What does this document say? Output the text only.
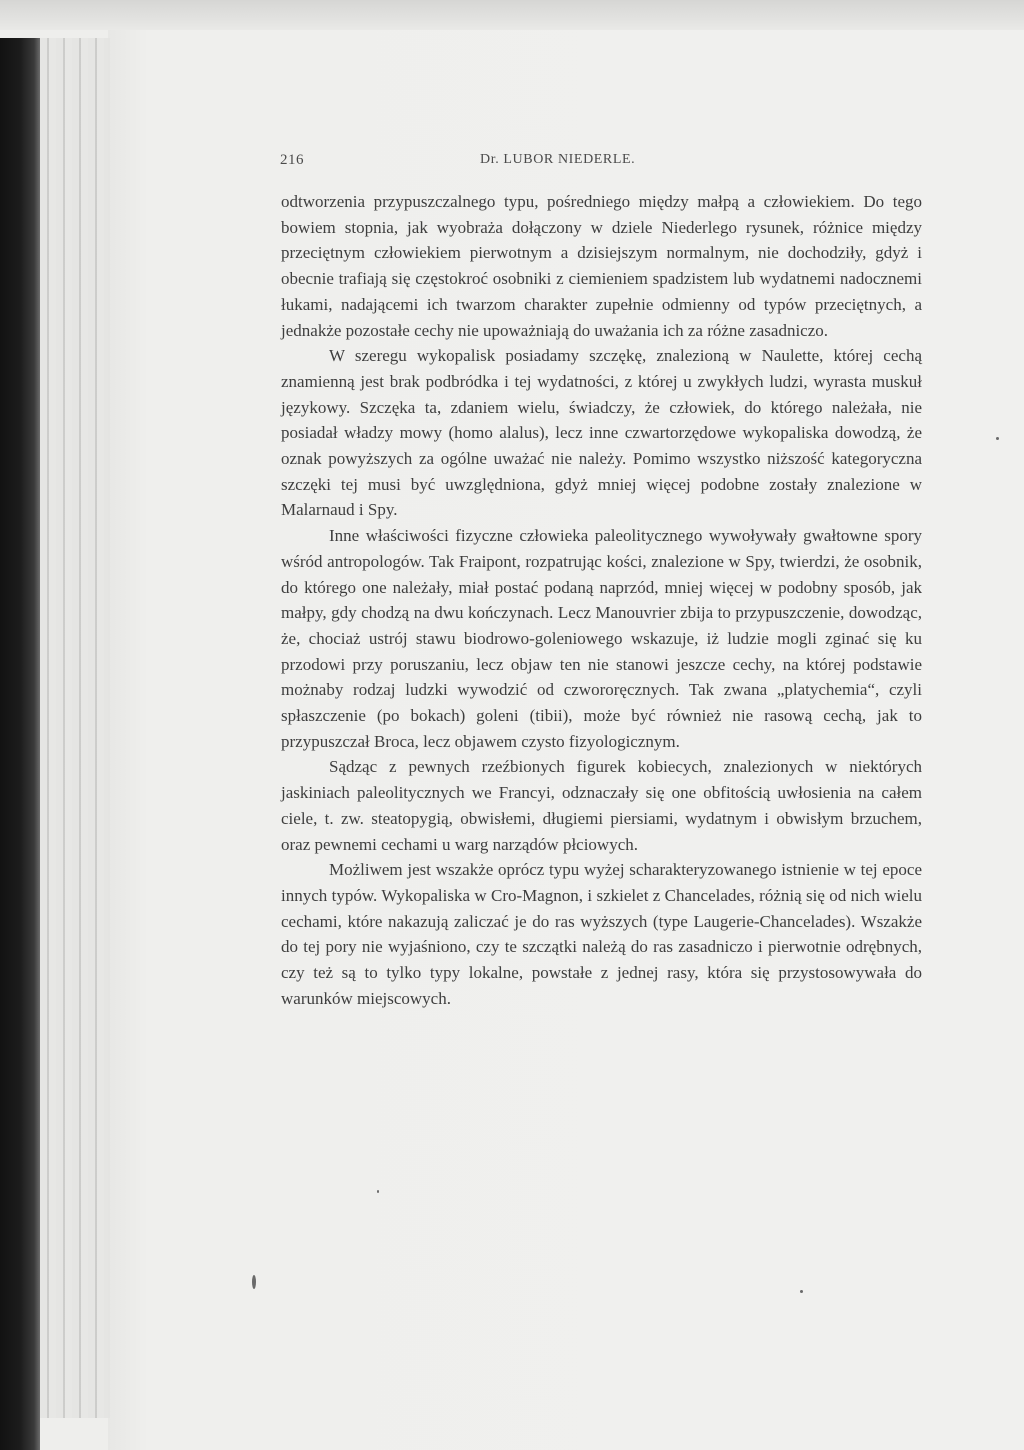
216	Dr. LUBOR NIEDERLE.

odtworzenia przypuszczalnego typu, pośredniego między małpą a człowiekiem. Do tego bowiem stopnia, jak wyobraża dołączony w dziele Niederlego rysunek, różnice między przeciętnym człowiekiem pierwotnym a dzisiejszym normalnym, nie dochodziły, gdyż i obecnie trafiają się częstokroć osobniki z ciemieniem spadzistem lub wydatnemi nadocznemi łukami, nadającemi ich twarzom charakter zupełnie odmienny od typów przeciętnych, a jednakże pozostałe cechy nie upoważniają do uważania ich za różne zasadniczo.

W szeregu wykopalisk posiadamy szczękę, znalezioną w Naulette, której cechą znamienną jest brak podbródka i tej wydatności, z której u zwykłych ludzi, wyrasta muskuł językowy. Szczęka ta, zdaniem wielu, świadczy, że człowiek, do którego należała, nie posiadał władzy mowy (homo alalus), lecz inne czwartorzędowe wykopaliska dowodzą, że oznak powyższych za ogólne uważać nie należy. Pomimo wszystko niższość kategoryczna szczęki tej musi być uwzględniona, gdyż mniej więcej podobne zostały znalezione w Malarnaud i Spy.

Inne właściwości fizyczne człowieka paleolitycznego wywoływały gwałtowne spory wśród antropologów. Tak Fraipont, rozpatrując kości, znalezione w Spy, twierdzi, że osobnik, do którego one należały, miał postać podaną naprzód, mniej więcej w podobny sposób, jak małpy, gdy chodzą na dwu kończynach. Lecz Manouvrier zbija to przypuszczenie, dowodząc, że, chociaż ustrój stawu biodrowo-goleniowego wskazuje, iż ludzie mogli zginać się ku przodowi przy poruszaniu, lecz objaw ten nie stanowi jeszcze cechy, na której podstawie możnaby rodzaj ludzki wywodzić od czwororęcznych. Tak zwana „platychemia“, czyli spłaszczenie (po bokach) goleni (tibii), może być również nie rasową cechą, jak to przypuszczał Broca, lecz objawem czysto fizyologicznym.

Sądząc z pewnych rzeźbionych figurek kobiecych, znalezionych w niektórych jaskiniach paleolitycznych we Francyi, odznaczały się one obfitością uwłosienia na całem ciele, t. zw. steatopygią, obwisłemi, długiemi piersiami, wydatnym i obwisłym brzuchem, oraz pewnemi cechami u warg narządów płciowych.

Możliwem jest wszakże oprócz typu wyżej scharakteryzowanego istnienie w tej epoce innych typów. Wykopaliska w Cro-Magnon, i szkielet z Chancelades, różnią się od nich wielu cechami, które nakazują zaliczać je do ras wyższych (type Laugerie-Chancelades). Wszakże do tej pory nie wyjaśniono, czy te szczątki należą do ras zasadniczo i pierwotnie odrębnych, czy też są to tylko typy lokalne, powstałe z jednej rasy, która się przystosowywała do warunków miejscowych.
